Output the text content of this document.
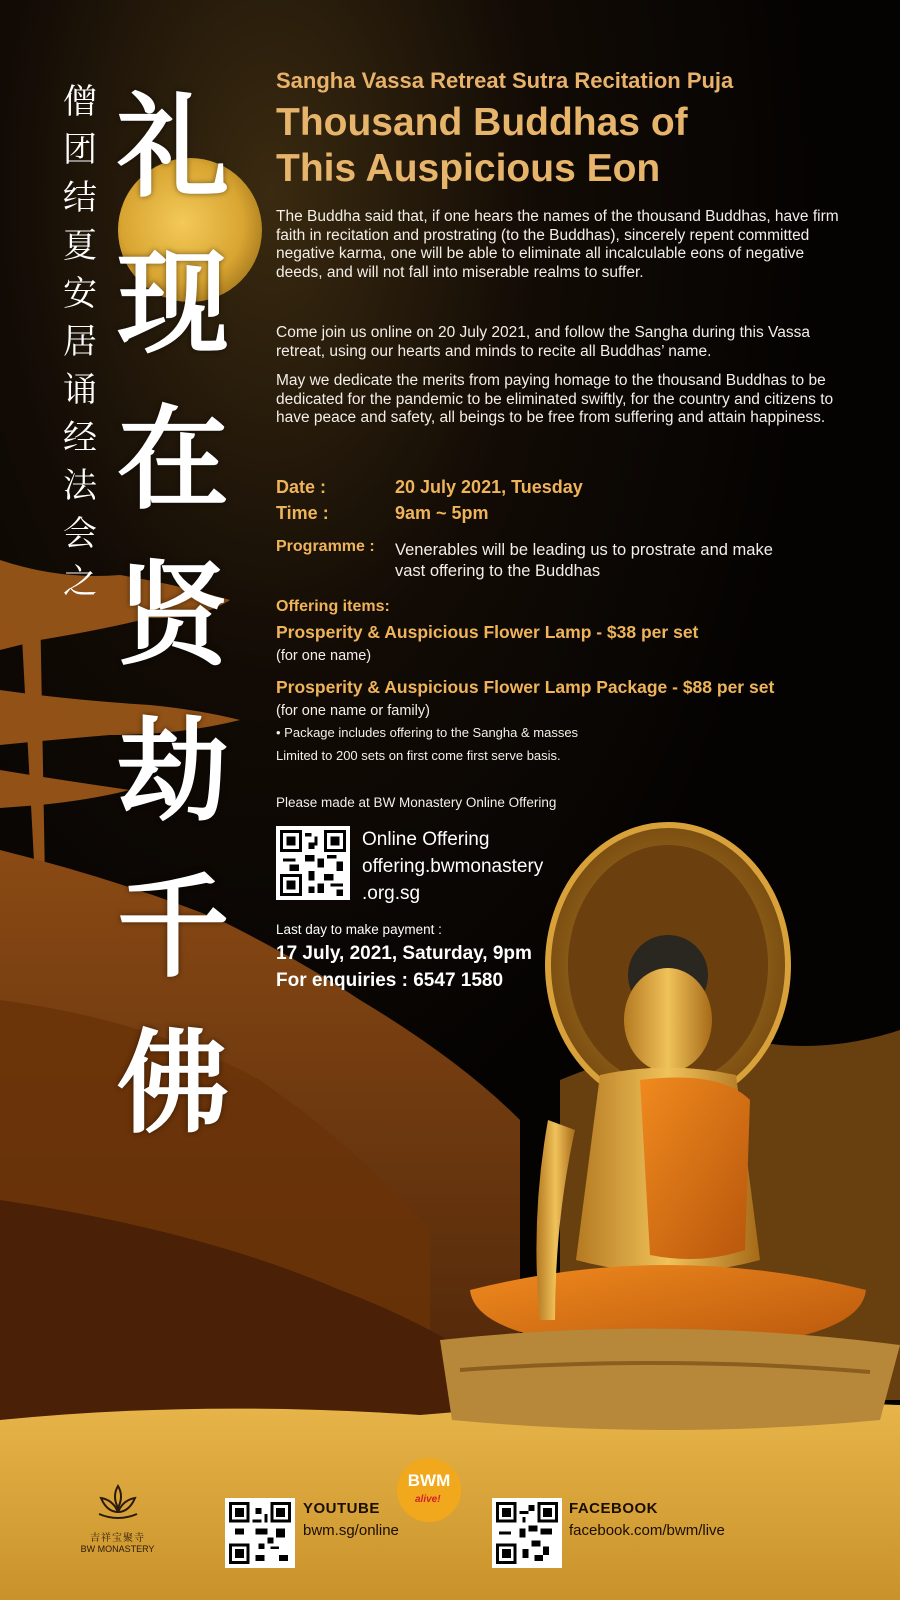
僧团结夏安居诵经法会之
礼现在贤劫千佛
Sangha Vassa Retreat Sutra Recitation Puja
Thousand Buddhas of
This Auspicious Eon
The Buddha said that, if one hears the names of the thousand Buddhas, have firm faith in recitation and prostrating (to the Buddhas), sincerely repent committed negative karma, one will be able to eliminate all incalculable eons of negative deeds, and will not fall into miserable realms to suffer.
Come join us online on 20 July 2021, and follow the Sangha during this Vassa retreat, using our hearts and minds to recite all Buddhas’ name.
May we dedicate the merits from paying homage to the thousand Buddhas to be dedicated for the pandemic to be eliminated swiftly, for the country and citizens to have peace and safety, all beings to be free from suffering and attain happiness.
Date :	20 July 2021, Tuesday
Time :	9am ~ 5pm
Programme : Venerables will be leading us to prostrate and make vast offering to the Buddhas
Offering items:
Prosperity & Auspicious Flower Lamp - $38 per set
(for one name)
Prosperity & Auspicious Flower Lamp Package - $88 per set
(for one name or family)
• Package includes offering to the Sangha & masses
Limited to 200 sets on first come first serve basis.
Please made at BW Monastery Online Offering
Online Offering
offering.bwmonastery
.org.sg
Last day to make payment :
17 July, 2021, Saturday, 9pm
For enquiries : 6547 1580
吉祥宝聚寺
BW MONASTERY
YOUTUBE
bwm.sg/online
BWM
alive!
FACEBOOK
facebook.com/bwm/live
